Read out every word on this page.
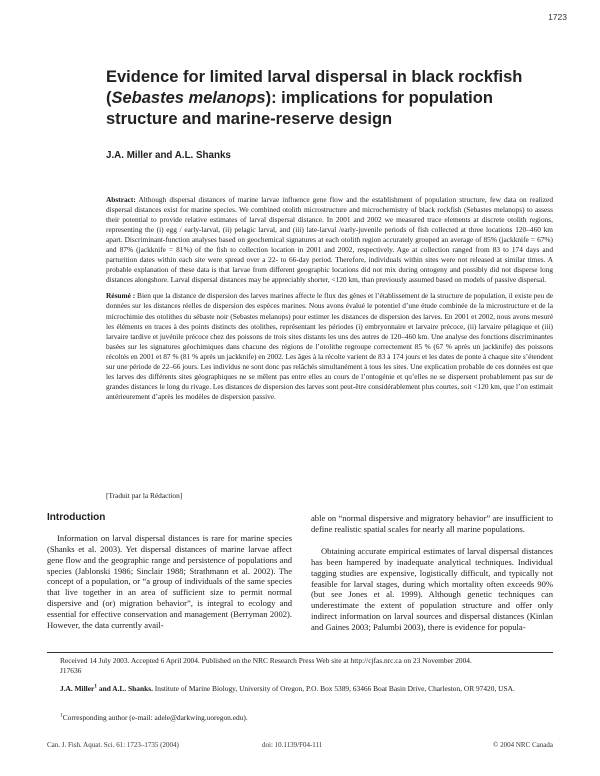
1723
Evidence for limited larval dispersal in black rockfish (Sebastes melanops): implications for population structure and marine-reserve design
J.A. Miller and A.L. Shanks

Abstract: Although dispersal distances of marine larvae influence gene flow and the establishment of population structure, few data on realized dispersal distances exist for marine species. We combined otolith microstructure and microchemistry of black rockfish (Sebastes melanops) to assess their potential to provide relative estimates of larval dispersal distance. In 2001 and 2002 we measured trace elements at discrete otolith regions, representing the (i) egg / early-larval, (ii) pelagic larval, and (iii) late-larval /early-juvenile periods of fish collected at three locations 120–460 km apart. Discriminant-function analyses based on geochemical signatures at each otolith region accurately grouped an average of 85% (jackknife = 67%) and 87% (jackknife = 81%) of the fish to collection location in 2001 and 2002, respectively. Age at collection ranged from 83 to 174 days and parturition dates within each site were spread over a 22- to 66-day period. Therefore, individuals within sites were not released at similar times. A probable explanation of these data is that larvae from different geographic locations did not mix during ontogeny and possibly did not disperse long distances alongshore. Larval dispersal distances may be appreciably shorter, <120 km, than previously assumed based on models of passive dispersal.

Résumé : Bien que la distance de dispersion des larves marines affecte le flux des gènes et l’établissement de la structure de population, il existe peu de données sur les distances réelles de dispersion des espèces marines. Nous avons évalué le potentiel d’une étude combinée de la microstructure et de la microchimie des otolithes du sébaste noir (Sebastes melanops) pour estimer les distances de dispersion des larves. En 2001 et 2002, nous avons mesuré les éléments en traces à des points distincts des otolithes, représentant les périodes (i) embryonnaire et larvaire précoce, (ii) larvaire pélagique et (iii) larvaire tardive et juvénile précoce chez des poissons de trois sites distants les uns des autres de 120–460 km. Une analyse des fonctions discriminantes basées sur les signatures géochimiques dans chacune des régions de l’otolithe regroupe correctement 85 % (67 % après un jackknife) des poissons récoltés en 2001 et 87 % (81 % après un jackknife) en 2002. Les âges à la récolte varient de 83 à 174 jours et les dates de ponte à chaque site s’étendent sur une période de 22–66 jours. Les individus ne sont donc pas relâchés simultanément à tous les sites. Une explication probable de ces données est que les larves des différents sites géographiques ne se mêlent pas entre elles au cours de l’ontogénie et qu’elles ne se dispersent probablement pas sur de grandes distances le long du rivage. Les distances de dispersion des larves sont peut-être considérablement plus courtes, soit <120 km, que l’on estimait antérieurement d’après les modèles de dispersion passive.

[Traduit par la Rédaction]
Introduction
Information on larval dispersal distances is rare for marine species (Shanks et al. 2003). Yet dispersal distances of marine larvae affect gene flow and the geographic range and persistence of populations and species (Jablonski 1986; Sinclair 1988; Strathmann et al. 2002). The concept of a population, or “a group of individuals of the same species that live together in an area of sufficient size to permit normal dispersive and (or) migration behavior”, is integral to ecology and essential for effective conservation and management (Berryman 2002). However, the data currently avail-
able on “normal dispersive and migratory behavior” are insufficient to define realistic spatial scales for nearly all marine populations.
Obtaining accurate empirical estimates of larval dispersal distances has been hampered by inadequate analytical techniques. Individual tagging studies are expensive, logistically difficult, and typically not feasible for larval stages, during which mortality often exceeds 90% (but see Jones et al. 1999). Although genetic techniques can underestimate the extent of population structure and offer only indirect information on larval sources and dispersal distances (Kinlan and Gaines 2003; Palumbi 2003), there is evidence for popula-
Received 14 July 2003. Accepted 6 April 2004. Published on the NRC Research Press Web site at http://cjfas.nrc.ca on 23 November 2004.
J17636
J.A. Miller$^1$ and A.L. Shanks. Institute of Marine Biology, University of Oregon, P.O. Box 5389, 63466 Boat Basin Drive, Charleston, OR 97420, USA.
$^1$Corresponding author (e-mail: adele@darkwing.uoregon.edu).
Can. J. Fish. Aquat. Sci. 61: 1723–1735 (2004)	doi: 10.1139/F04-111	© 2004 NRC Canada
